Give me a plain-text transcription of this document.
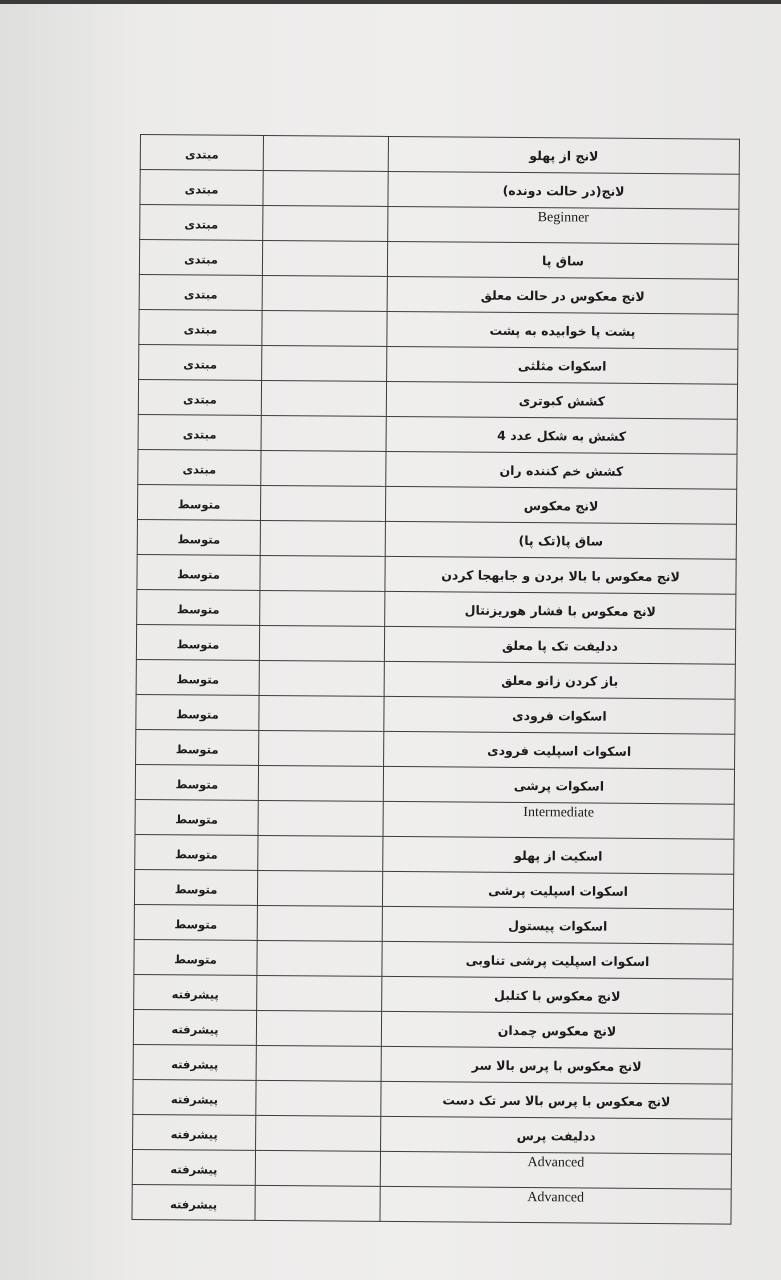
لانج از پهلو		مبتدی
لانج(در حالت دونده)		مبتدی
Beginner		مبتدی
ساق پا		مبتدی
لانج معکوس در حالت معلق		مبتدی
پشت پا خوابیده به پشت		مبتدی
اسکوات مثلثی		مبتدی
کشش کبوتری		مبتدی
کشش به شکل عدد 4		مبتدی
کشش خم کننده ران		مبتدی
لانج معکوس		متوسط
ساق پا(تک پا)		متوسط
لانج معکوس با بالا بردن و جابهجا کردن		متوسط
لانج معکوس با فشار هوریزنتال		متوسط
ددلیفت تک پا معلق		متوسط
باز کردن زانو معلق		متوسط
اسکوات فرودی		متوسط
اسکوات اسپلیت فرودی		متوسط
اسکوات پرشی		متوسط
Intermediate		متوسط
اسکیت از پهلو		متوسط
اسکوات اسپلیت پرشی		متوسط
اسکوات پیستول		متوسط
اسکوات اسپلیت پرشی تناوبی		متوسط
لانج معکوس با کتلبل		پیشرفته
لانج معکوس چمدان		پیشرفته
لانج معکوس با پرس بالا سر		پیشرفته
لانج معکوس با پرس بالا سر تک دست		پیشرفته
ددلیفت پرس		پیشرفته
Advanced		پیشرفته
Advanced		پیشرفته
